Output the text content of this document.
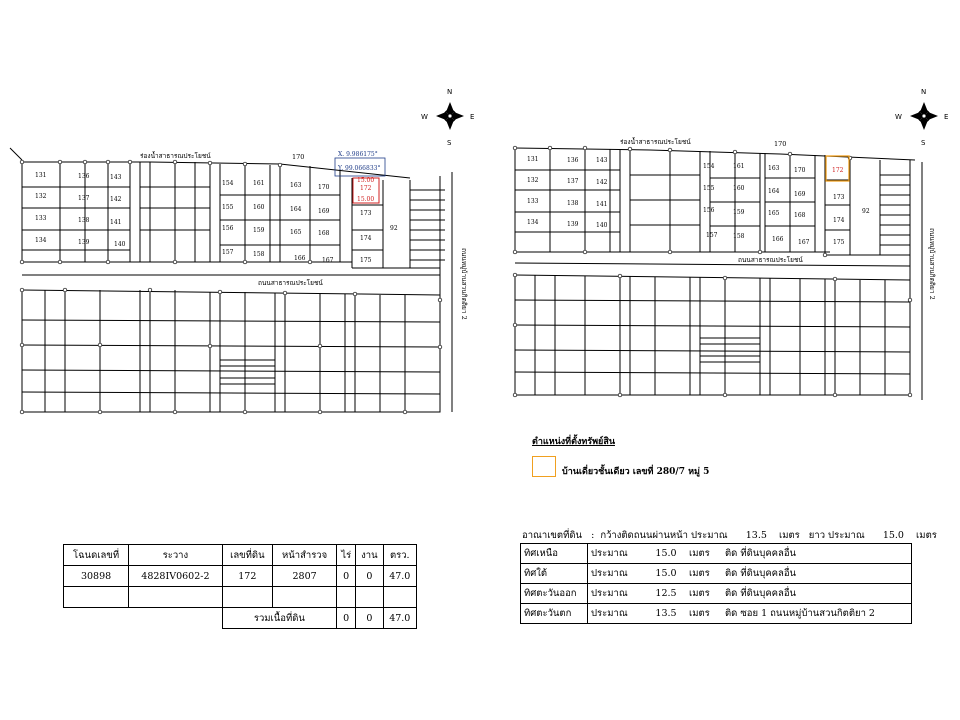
N
S
E
W
131
132
133
134
136
137
138
139
143
142
141
140
154
155
156
157
161
160
159
158
163
164
165
166
170
169
168
167
173
174
175
92
ร่องน้ำสาธารณประโยชน์	170
ถนนสาธารณประโยชน์	ถนนหมู่บ้านสวนกิตติยา 2
X. 9.986175°
Y. 99.066833°
172
15.00
15.00
N
S
E
W
131
132
133
134
136
137
138
139
143
142
141
140
154
155
156
157
161
160
159
158
163
164
165
166
170
169
168
167
173
174
175
92
ร่องน้ำสาธารณประโยชน์	170
ถนนสาธารณประโยชน์	ถนนหมู่บ้านสวนกิตติยา 2
172
ตำแหน่งที่ตั้งทรัพย์สิน
บ้านเดี่ยวชั้นเดียว เลขที่ 280/7 หมู่ 5
โฉนดเลขที่	ระวาง	เลขที่ดิน	หน้าสำรวจ	ไร่	งาน	ตรว.
30898	4828IV0602-2	172	2807	0	0	47.0

		รวมเนื้อที่ดิน		0	0	47.0
อาณาเขตที่ดิน   :  กว้างติดถนนผ่านหน้า ประมาณ      13.5    เมตร   ยาว ประมาณ      15.0    เมตร
ทิศเหนือ	ประมาณ	15.0	เมตร	ติด ที่ดินบุคคลอื่น
ทิศใต้	ประมาณ	15.0	เมตร	ติด ที่ดินบุคคลอื่น
ทิศตะวันออก	ประมาณ	12.5	เมตร	ติด ที่ดินบุคคลอื่น
ทิศตะวันตก	ประมาณ	13.5	เมตร	ติด ซอย 1 ถนนหมู่บ้านสวนกิตติยา 2
